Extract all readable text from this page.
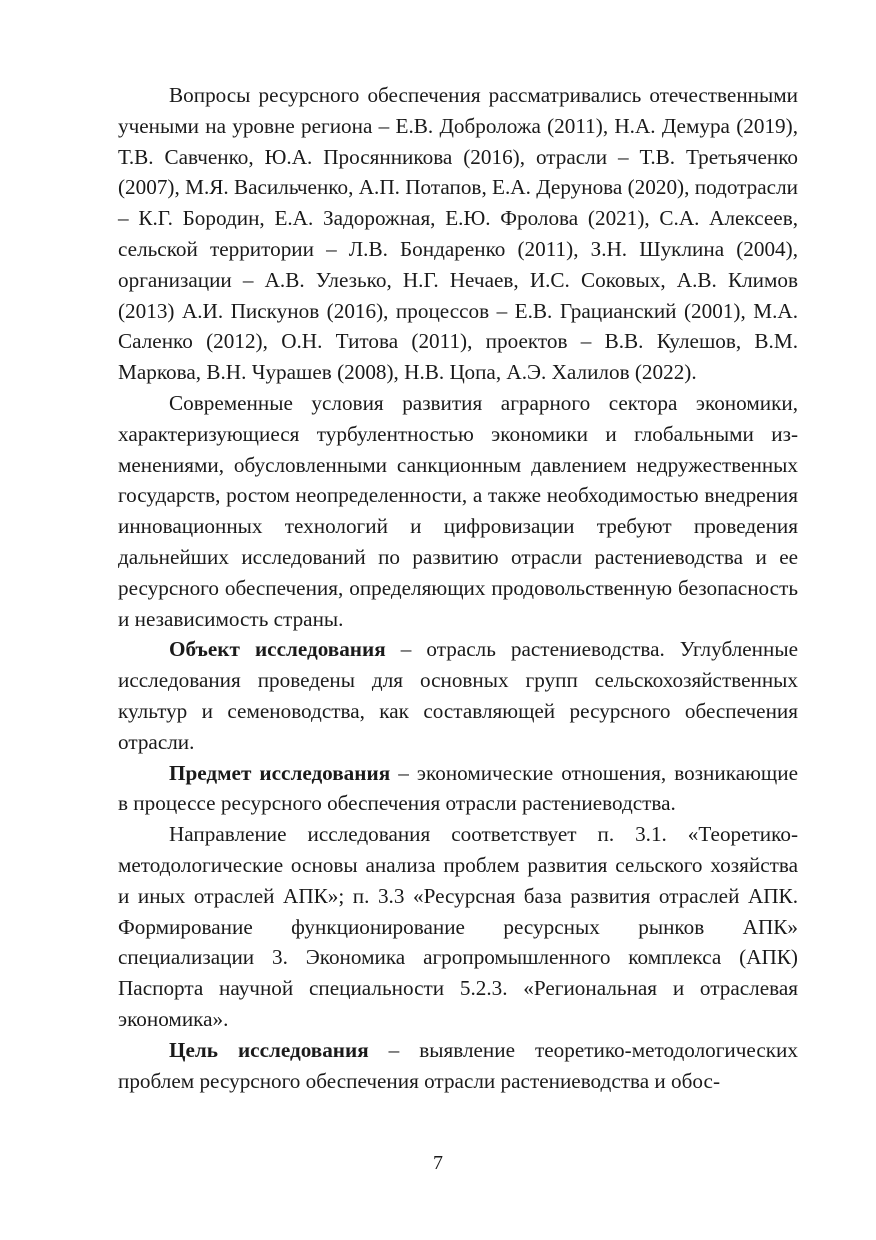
Вопросы ресурсного обеспечения рассматривались отечественными учеными на уровне региона – Е.В. Доброложа (2011), Н.А. Демура (2019), Т.В. Савченко, Ю.А. Просянникова (2016), отрасли – Т.В. Третьяченко (2007), М.Я. Васильченко, А.П. Потапов, Е.А. Дерунова (2020), подотрасли – К.Г. Бородин, Е.А. Задорожная, Е.Ю. Фролова (2021), С.А. Алексеев, сельской территории – Л.В. Бондаренко (2011), З.Н. Шуклина (2004), организации – А.В. Улезько, Н.Г. Нечаев, И.С. Соковых, А.В. Климов (2013) А.И. Пискунов (2016), процессов – Е.В. Грацианский (2001), М.А. Саленко (2012), О.Н. Титова (2011), проектов – В.В. Кулешов, В.М. Маркова, В.Н. Чурашев (2008), Н.В. Цопа, А.Э. Халилов (2022).

Современные условия развития аграрного сектора экономики, характеризующиеся турбулентностью экономики и глобальными изменениями, обусловленными санкционным давлением недружественных государств, ростом неопределенности, а также необходимостью внедрения инновационных технологий и цифровизации требуют проведения дальнейших исследований по развитию отрасли растениеводства и ее ресурсного обеспечения, определяющих продовольственную безопасность и независимость страны.

Объект исследования – отрасль растениеводства. Углубленные исследования проведены для основных групп сельскохозяйственных культур и семеноводства, как составляющей ресурсного обеспечения отрасли.

Предмет исследования – экономические отношения, возникающие в процессе ресурсного обеспечения отрасли растениеводства.

Направление исследования соответствует п. 3.1. «Теоретико-методологические основы анализа проблем развития сельского хозяйства и иных отраслей АПК»; п. 3.3 «Ресурсная база развития отраслей АПК. Формирование функционирование ресурсных рынков АПК» специализации 3. Экономика агропромышленного комплекса (АПК) Паспорта научной специальности 5.2.3. «Региональная и отраслевая экономика».

Цель исследования – выявление теоретико-методологических проблем ресурсного обеспечения отрасли растениеводства и обос-

7
